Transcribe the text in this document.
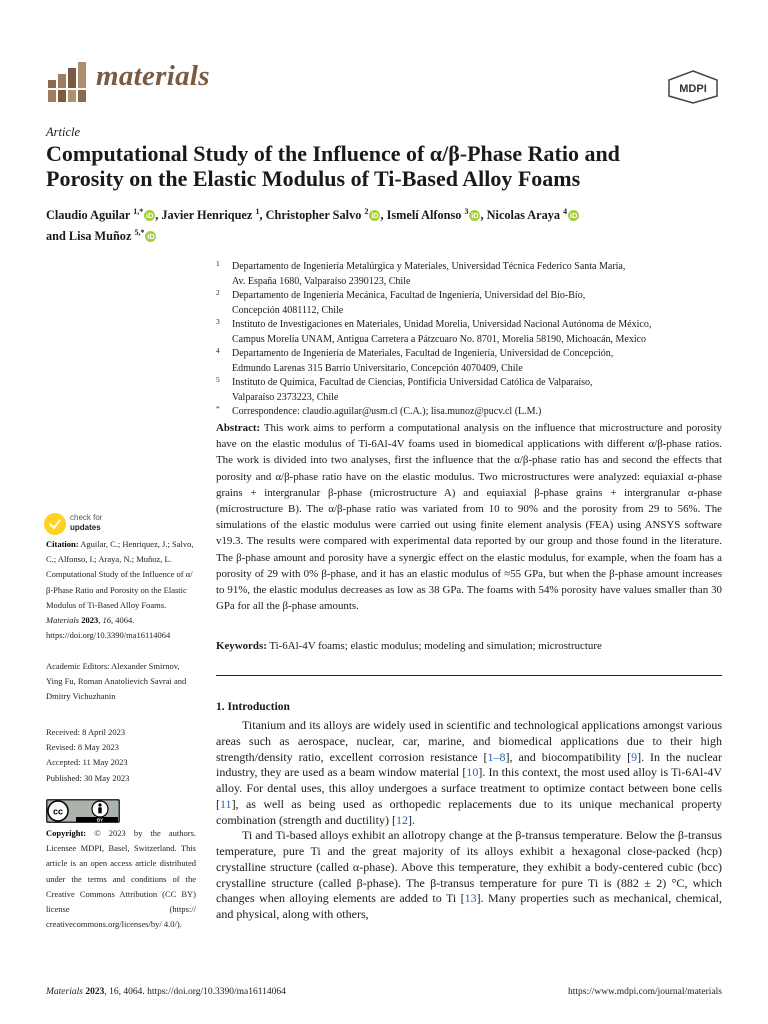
materials	MDPI
Article
Computational Study of the Influence of α/β-Phase Ratio and
Porosity on the Elastic Modulus of Ti-Based Alloy Foams
Claudio Aguilar $^{1,*}$ iD , Javier Henriquez $^1$, Christopher Salvo $^2$ iD , Ismelí Alfonso $^3$ iD , Nicolas Araya $^4$ iD
and Lisa Muñoz $^{5,*}$ iD
1 Departamento de Ingeniería Metalúrgica y Materiales, Universidad Técnica Federico Santa María,
Av. España 1680, Valparaíso 2390123, Chile
2 Departamento de Ingeniería Mecánica, Facultad de Ingeniería, Universidad del Bío-Bío,
Concepción 4081112, Chile
3 Instituto de Investigaciones en Materiales, Unidad Morelia, Universidad Nacional Autónoma de México,
Campus Morelia UNAM, Antigua Carretera a Pátzcuaro No. 8701, Morelia 58190, Michoacán, Mexico
4 Departamento de Ingeniería de Materiales, Facultad de Ingeniería, Universidad de Concepción,
Edmundo Larenas 315 Barrio Universitario, Concepción 4070409, Chile
5 Instituto de Química, Facultad de Ciencias, Pontificia Universidad Católica de Valparaíso,
Valparaíso 2373223, Chile
* Correspondence: claudio.aguilar@usm.cl (C.A.); lisa.munoz@pucv.cl (L.M.)
check for
updates
Citation: Aguilar, C.; Henriquez, J.; Salvo, C.; Alfonso, I.; Araya, N.; Muñoz, L. Computational Study of the Influence of α/β-Phase Ratio and Porosity on the Elastic Modulus of Ti-Based Alloy Foams. Materials 2023, 16, 4064. https://doi.org/10.3390/ma16114064
Academic Editors: Alexander Smirnov, Ying Fu, Roman Anatolievich Savrai and Dmitry Vichuzhanin
Received: 8 April 2023
Revised: 8 May 2023
Accepted: 11 May 2023
Published: 30 May 2023
cc
BY
Copyright: © 2023 by the authors. Licensee MDPI, Basel, Switzerland. This article is an open access article distributed under the terms and conditions of the Creative Commons Attribution (CC BY) license (https:// creativecommons.org/licenses/by/ 4.0/).
Abstract: This work aims to perform a computational analysis on the influence that microstructure and porosity have on the elastic modulus of Ti-6Al-4V foams used in biomedical applications with different α/β-phase ratios. The work is divided into two analyses, first the influence that the α/β-phase ratio has and second the effects that porosity and α/β-phase ratio have on the elastic modulus. Two microstructures were analyzed: equiaxial α-phase grains + intergranular β-phase (microstructure A) and equiaxial β-phase grains + intergranular α-phase (microstructure B). The α/β-phase ratio was variated from 10 to 90% and the porosity from 29 to 56%. The simulations of the elastic modulus were carried out using finite element analysis (FEA) using ANSYS software v19.3. The results were compared with experimental data reported by our group and those found in the literature. The β-phase amount and porosity have a synergic effect on the elastic modulus, for example, when the foam has a porosity of 29 with 0% β-phase, and it has an elastic modulus of ≈55 GPa, but when the β-phase amount increases to 91%, the elastic modulus decreases as low as 38 GPa. The foams with 54% porosity have values smaller than 30 GPa for all the β-phase amounts.
Keywords: Ti-6Al-4V foams; elastic modulus; modeling and simulation; microstructure
1. Introduction

Titanium and its alloys are widely used in scientific and technological applications amongst various areas such as aerospace, nuclear, car, marine, and biomedical applications due to their high strength/density ratio, excellent corrosion resistance [1–8], and biocompatibility [9]. In the nuclear industry, they are used as a beam window material [10]. In this context, the most used alloy is Ti-6Al-4V alloy. For dental uses, this alloy undergoes a surface treatment to optimize contact between bone cells [11], as well as being used as orthopedic replacements due to its unique mechanical property combination (strength and ductility) [12].

Ti and Ti-based alloys exhibit an allotropy change at the β-transus temperature. Below the β-transus temperature, pure Ti and the great majority of its alloys exhibit a hexagonal close-packed (hcp) crystalline structure (called α-phase). Above this temperature, they exhibit a body-centered cubic (bcc) crystalline structure (called β-phase). The β-transus temperature for pure Ti is (882 ± 2) °C, which changes when alloying elements are added to Ti [13]. Many properties such as mechanical, chemical, and physical, along with others,

Materials 2023, 16, 4064. https://doi.org/10.3390/ma16114064	https://www.mdpi.com/journal/materials
